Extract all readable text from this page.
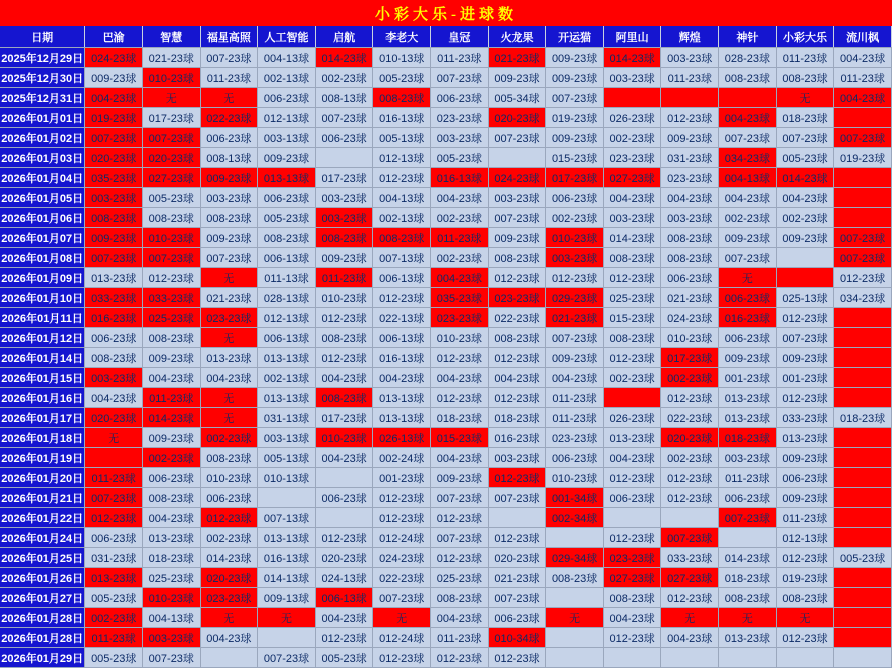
小彩大乐-进球数
日期	巴渝	智慧	福星高照	人工智能	启航	李老大	皇冠	火龙果	开运猫	阿里山	辉煌	神针	小彩大乐	流川枫
2025年12月29日	024-23球	021-23球	007-23球	004-13球	014-23球	010-13球	011-23球	021-23球	009-23球	014-23球	003-23球	028-23球	011-23球	004-23球
2025年12月30日	009-23球	010-23球	011-23球	002-13球	002-23球	005-23球	007-23球	009-23球	009-23球	003-23球	011-23球	008-23球	008-23球	011-23球
2025年12月31日	004-23球	无	无	006-23球	008-13球	008-23球	006-23球	005-34球	007-23球				无	004-23球
2026年01月01日	019-23球	017-23球	022-23球	012-13球	007-23球	016-13球	023-23球	020-23球	019-23球	026-23球	012-23球	004-23球	018-23球	
2026年01月02日	007-23球	007-23球	006-23球	003-13球	006-23球	005-13球	003-23球	007-23球	009-23球	002-23球	009-23球	007-23球	007-23球	007-23球
2026年01月03日	020-23球	020-23球	008-13球	009-23球		012-13球	005-23球		015-23球	023-23球	031-23球	034-23球	005-23球	019-23球
2026年01月04日	035-23球	027-23球	009-23球	013-13球	017-23球	012-23球	016-13球	024-23球	017-23球	027-23球	023-23球	004-13球	014-23球	
2026年01月05日	003-23球	005-23球	003-23球	006-23球	003-23球	004-13球	004-23球	003-23球	006-23球	004-23球	004-23球	004-23球	004-23球	
2026年01月06日	008-23球	008-23球	008-23球	005-23球	003-23球	002-13球	002-23球	007-23球	002-23球	003-23球	003-23球	002-23球	002-23球	
2026年01月07日	009-23球	010-23球	009-23球	008-23球	008-23球	008-23球	011-23球	009-23球	010-23球	014-23球	008-23球	009-23球	009-23球	007-23球
2026年01月08日	007-23球	007-23球	007-23球	006-13球	009-23球	007-13球	002-23球	008-23球	003-23球	008-23球	008-23球	007-23球		007-23球
2026年01月09日	013-23球	012-23球	无	011-13球	011-23球	006-13球	004-23球	012-23球	012-23球	012-23球	006-23球	无		012-23球
2026年01月10日	033-23球	033-23球	021-23球	028-13球	010-23球	012-23球	035-23球	023-23球	029-23球	025-23球	021-23球	006-23球	025-13球	034-23球
2026年01月11日	016-23球	025-23球	023-23球	012-13球	012-23球	022-13球	023-23球	022-23球	021-23球	015-23球	024-23球	016-23球	012-23球	
2026年01月12日	006-23球	008-23球	无	006-13球	008-23球	006-13球	010-23球	008-23球	007-23球	008-23球	010-23球	006-23球	007-23球	
2026年01月14日	008-23球	009-23球	013-23球	013-13球	012-23球	016-13球	012-23球	012-23球	009-23球	012-23球	017-23球	009-23球	009-23球	
2026年01月15日	003-23球	004-23球	004-23球	002-13球	004-23球	004-23球	004-23球	004-23球	004-23球	002-23球	002-23球	001-23球	001-23球	
2026年01月16日	004-23球	011-23球	无	013-13球	008-23球	013-13球	012-23球	012-23球	011-23球		012-23球	013-23球	012-23球	
2026年01月17日	020-23球	014-23球	无	031-13球	017-23球	013-13球	018-23球	018-23球	011-23球	026-23球	022-23球	013-23球	033-23球	018-23球
2026年01月18日	无	009-23球	002-23球	003-13球	010-23球	026-13球	015-23球	016-23球	023-23球	013-23球	020-23球	018-23球	013-23球	
2026年01月19日		002-23球	008-23球	005-13球	004-23球	002-24球	004-23球	003-23球	006-23球	004-23球	002-23球	003-23球	009-23球	
2026年01月20日	011-23球	006-23球	010-23球	010-13球		001-23球	009-23球	012-23球	010-23球	012-23球	012-23球	011-23球	006-23球	
2026年01月21日	007-23球	008-23球	006-23球		006-23球	012-23球	007-23球	007-23球	001-34球	006-23球	012-23球	006-23球	009-23球	
2026年01月22日	012-23球	004-23球	012-23球	007-13球		012-23球	012-23球		002-34球			007-23球	011-23球	
2026年01月24日	006-23球	013-23球	002-23球	013-13球	012-23球	012-24球	007-23球	012-23球		012-23球	007-23球		012-13球	
2026年01月25日	031-23球	018-23球	014-23球	016-13球	020-23球	024-23球	012-23球	020-23球	029-34球	023-23球	033-23球	014-23球	012-23球	005-23球
2026年01月26日	013-23球	025-23球	020-23球	014-13球	024-13球	022-23球	025-23球	021-23球	008-23球	027-23球	027-23球	018-23球	019-23球	
2026年01月27日	005-23球	010-23球	023-23球	009-13球	006-13球	007-23球	008-23球	007-23球		008-23球	012-23球	008-23球	008-23球	
2026年01月28日	002-23球	004-13球	无	无	004-23球	无	004-23球	006-23球	无	004-23球	无	无	无	
2026年01月28日	011-23球	003-23球	004-23球		012-23球	012-24球	011-23球	010-34球		012-23球	004-23球	013-23球	012-23球	
2026年01月29日	005-23球	007-23球		007-23球	005-23球	012-23球	012-23球	012-23球						
